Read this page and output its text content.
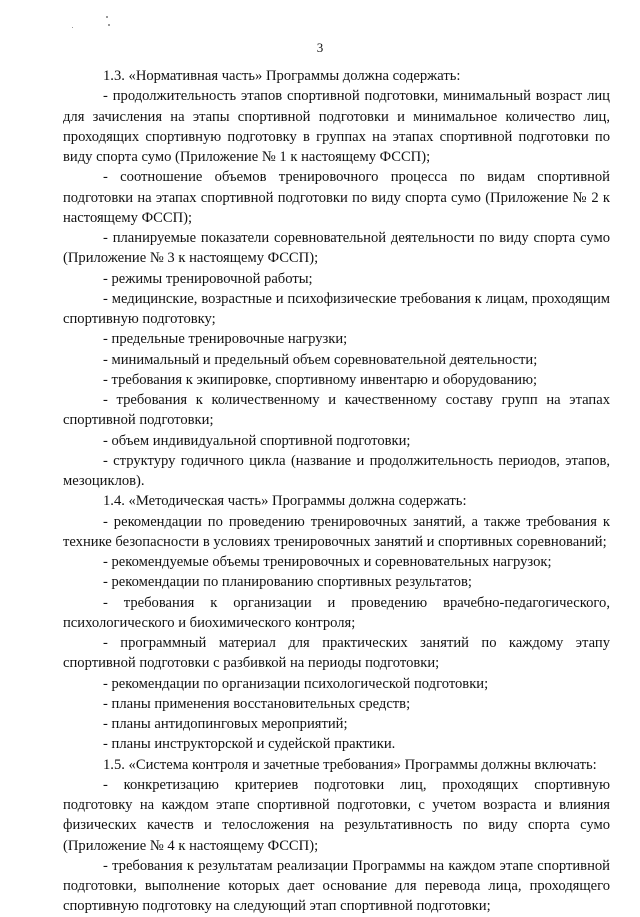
3

1.3. «Нормативная часть» Программы должна содержать:

- продолжительность этапов спортивной подготовки, минимальный возраст лиц для зачисления на этапы спортивной подготовки и минимальное количество лиц, проходящих спортивную подготовку в группах на этапах спортивной подготовки по виду спорта сумо (Приложение № 1 к настоящему ФССП);

- соотношение объемов тренировочного процесса по видам спортивной подготовки на этапах спортивной подготовки по виду спорта сумо (Приложение № 2 к настоящему ФССП);

- планируемые показатели соревновательной деятельности по виду спорта сумо (Приложение № 3 к настоящему ФССП);

- режимы тренировочной работы;

- медицинские, возрастные и психофизические требования к лицам, проходящим спортивную подготовку;

- предельные тренировочные нагрузки;

- минимальный и предельный объем соревновательной деятельности;

- требования к экипировке, спортивному инвентарю и оборудованию;

- требования к количественному и качественному составу групп на этапах спортивной подготовки;

- объем индивидуальной спортивной подготовки;

- структуру годичного цикла (название и продолжительность периодов, этапов, мезоциклов).

1.4. «Методическая часть» Программы должна содержать:

- рекомендации по проведению тренировочных занятий, а также требования к технике безопасности в условиях тренировочных занятий и спортивных соревнований;

- рекомендуемые объемы тренировочных и соревновательных нагрузок;

- рекомендации по планированию спортивных результатов;

- требования к организации и проведению врачебно-педагогического, психологического и биохимического контроля;

- программный материал для практических занятий по каждому этапу спортивной подготовки с разбивкой на периоды подготовки;

- рекомендации по организации психологической подготовки;

- планы применения восстановительных средств;

- планы антидопинговых мероприятий;

- планы инструкторской и судейской практики.

1.5. «Система контроля и зачетные требования» Программы должны включать:

- конкретизацию критериев подготовки лиц, проходящих спортивную подготовку на каждом этапе спортивной подготовки, с учетом возраста и влияния физических качеств и телосложения на результативность по виду спорта сумо (Приложение № 4 к настоящему ФССП);

- требования к результатам реализации Программы на каждом этапе спортивной подготовки, выполнение которых дает основание для перевода лица, проходящего спортивную подготовку на следующий этап спортивной подготовки;
